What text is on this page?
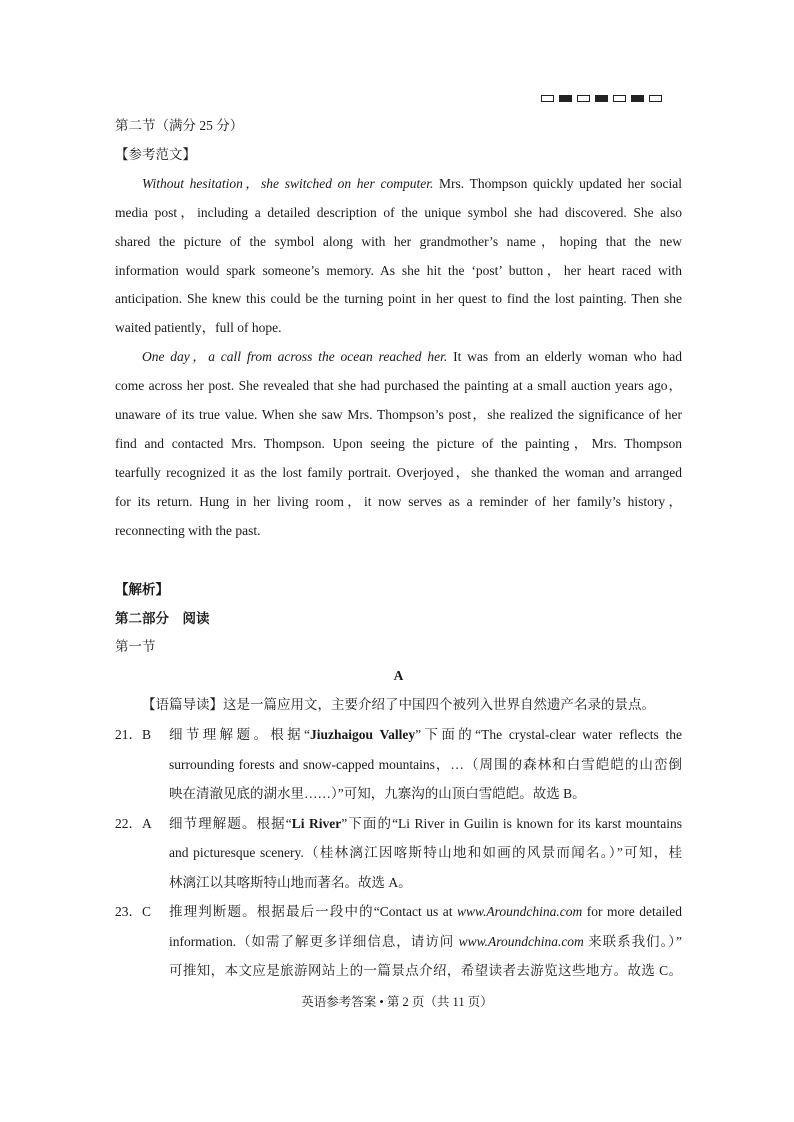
第二节（满分 25 分）
【参考范文】
Without hesitation，she switched on her computer. Mrs. Thompson quickly updated her social
media post，including a detailed description of the unique symbol she had discovered. She also
shared the picture of the symbol along with her grandmother’s name，hoping that the new
information would spark someone’s memory. As she hit the ‘post’ button，her heart raced with
anticipation. She knew this could be the turning point in her quest to find the lost painting. Then she
waited patiently，full of hope.
One day，a call from across the ocean reached her. It was from an elderly woman who had
come across her post. She revealed that she had purchased the painting at a small auction years ago，
unaware of its true value. When she saw Mrs. Thompson’s post，she realized the significance of her
find and contacted Mrs. Thompson. Upon seeing the picture of the painting，Mrs. Thompson
tearfully recognized it as the lost family portrait. Overjoyed，she thanked the woman and arranged
for its return. Hung in her living room，it now serves as a reminder of her family’s history，
reconnecting with the past.
【解析】
第二部分　阅读
第一节
A
【语篇导读】这是一篇应用文，主要介绍了中国四个被列入世界自然遗产名录的景点。
21．B	细节理解题。根据“Jiuzhaigou Valley”下面的“The crystal-clear water reflects the
surrounding forests and snow-capped mountains，…（周围的森林和白雪皑皑的山峦倒
映在清澈见底的湖水里……）”可知，九寨沟的山顶白雪皑皑。故选 B。
22．A	细节理解题。根据“Li River”下面的“Li River in Guilin is known for its karst mountains
and picturesque scenery.（桂林漓江因喀斯特山地和如画的风景而闻名。）”可知，桂
林漓江以其喀斯特山地而著名。故选 A。
23．C	推理判断题。根据最后一段中的“Contact us at www.Aroundchina.com for more detailed
information.（如需了解更多详细信息，请访问 www.Aroundchina.com 来联系我们。）”
可推知，本文应是旅游网站上的一篇景点介绍，希望读者去游览这些地方。故选 C。
英语参考答案 • 第 2 页（共 11 页）
